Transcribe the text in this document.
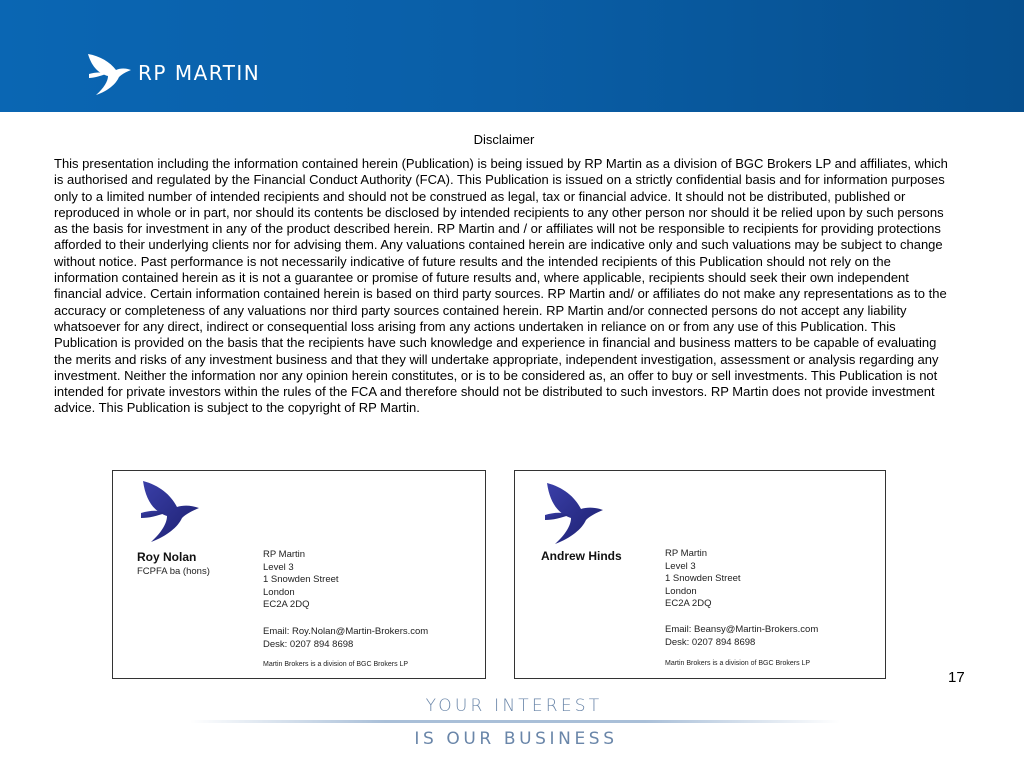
RP MARTIN
Disclaimer

This presentation including the information contained herein (Publication) is being issued by RP Martin as a division of BGC Brokers LP and affiliates, which is authorised and regulated by the Financial Conduct Authority (FCA). This Publication is issued on a strictly confidential basis and for information purposes only to a limited number of intended recipients and should not be construed as legal, tax or financial advice. It should not be distributed, published or reproduced in whole or in part, nor should its contents be disclosed by intended recipients to any other person nor should it be relied upon by such persons as the basis for investment in any of the product described herein. RP Martin and / or affiliates will not be responsible to recipients for providing protections afforded to their underlying clients nor for advising them. Any valuations contained herein are indicative only and such valuations may be subject to change without notice. Past performance is not necessarily indicative of future results and the intended recipients of this Publication should not rely on the information contained herein as it is not a guarantee or promise of future results and, where applicable, recipients should seek their own independent financial advice. Certain information contained herein is based on third party sources. RP Martin and/ or affiliates do not make any representations as to the accuracy or completeness of any valuations nor third party sources contained herein. RP Martin and/or connected persons do not accept any liability whatsoever for any direct, indirect or consequential loss arising from any actions undertaken in reliance on or from any use of this Publication. This Publication is provided on the basis that the recipients have such knowledge and experience in financial and business matters to be capable of evaluating the merits and risks of any investment business and that they will undertake appropriate, independent investigation, assessment or analysis regarding any investment. Neither the information nor any opinion herein constitutes, or is to be considered as, an offer to buy or sell investments. This Publication is not intended for private investors within the rules of the FCA and therefore should not be distributed to such investors. RP Martin does not provide investment advice. This Publication is subject to the copyright of RP Martin.

Roy Nolan
FCPFA ba (hons)
RP Martin
Level 3
1 Snowden Street
London
EC2A 2DQ
Email: Roy.Nolan@Martin-Brokers.com
Desk: 0207 894 8698
Martin Brokers is a division of BGC Brokers LP
Andrew Hinds	RP Martin
Level 3
1 Snowden Street
London
EC2A 2DQ
Email: Beansy@Martin-Brokers.com
Desk: 0207 894 8698
Martin Brokers is a division of BGC Brokers LP
17
YOUR INTEREST
IS OUR BUSINESS
